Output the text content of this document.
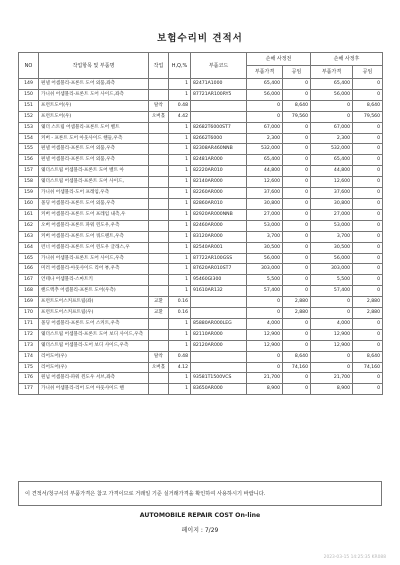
보험수리비 견적서
NO	작업항목 및 부품명	작업	H,Q,%	부품코드	손해 사정전		손해 사정후	
					부품가격	공임	부품가격	공임
149	편넬 어셈블리-프론트 도어 외품,좌측		1	82471A1000	65,400	0	65,400	0
150	가니쉬 어셈블리-프론트 도어 사이드,좌측		1	87721AR100RY5	56,000	0	56,000	0
151	프런트도어(우)	탈착	0.48		0	8,640	0	8,640
152	프런트도어(우)	오버홀	4.42		0	79,560	0	79,560
153	웨더 스트립 어셈블리-프론트 도어 벨트		1	82682T6000ST7	67,000	0	67,000	0
154	커버 - 프론트 도어 아웃사이드 핸들,우측		1	82662T6000	2,300	0	2,300	0
155	편넬 어셈블리-프론트 도어 외품,우측		1	82308AR460NNB	532,000	0	532,000	0
156	편넬 어셈블리-프론트 도어 외품,우측		1	82481AR000	65,400	0	65,400	0
157	웨더스트립 어셈블리-프론트 도어 벨트 아		1	82220AR010	44,800	0	44,800	0
158	웨더스트립 어셈블리-프론트 도어 사이드,		1	82140AR000	12,600	0	12,600	0
159	가니쉬 어셈블리-도어 프레임,우측		1	82260AR000	37,600	0	37,600	0
160	몰딩 어셈블리-프론트 도어 외품,우측		1	82860AR010	30,800	0	30,800	0
161	커버 어셈블리-프론트 도어 프레임 내측,우		1	82920AR000NNB	27,000	0	27,000	0
162	오버 어셈블리-프론트 파워 윈도우,우측		1	82460AR000	53,000	0	53,000	0
163	커버 어셈블리-프론트 도어 쿼드랜트,우측		1	83120AR000	3,700	0	3,700	0
164	런너 어셈블리-프론트 도어 윈도우 글래스,우		1	82540AR001	30,500	0	30,500	0
165	가니쉬 어셈블리-프론트 도어 사이드,우측		1	87722AR100GSS	56,000	0	56,000	0
166	미러 어셈블리-아웃사이드 리어 뷰,우측		1	87620AR010ST7	303,000	0	303,000	0
167	언테나 어셈블리-스마트키		1	95460GI300	5,500	0	5,500	0
168	핸드액추 어셈블리-프론트 도어(우측)		1	91610AR132	57,400	0	57,400	0
169	프런트도어스커프트립(좌)	교환	0.16		0	2,880	0	2,880
170	프런트도어스커프트립(우)	교환	0.16		0	2,880	0	2,880
171	몰딩 어셈블리-프론트 도어 스커트,우측		1	85880AR000LEG	4,000	0	4,000	0
172	웨더스트립 어셈블리-프론트 도어 보디 사이드,우측		1	82110AR000	12,900	0	12,900	0
173	웨더스트립 어셈블리-도어 보디 사이드,우측		1	82120AR000	12,900	0	12,900	0
174	리어도어(우)	탈착	0.48		0	8,640	0	8,640
175	리어도어(우)	오버홀	4.12		0	74,160	0	74,160
176	원넘 어셈블리-파워 윈도우 서브,좌측		1	93581T1500VCS	21,700	0	21,700	0
177	가니쉬 어셈블리-리어 도어 아웃사이드 핸		1	83650AR000	8,900	0	8,900	0
이 견적서/청구서의 부품가격은 참고 가격이므로 거래일 기준 실거래가격을 확인하여 사용하시기 바랍니다.
AUTOMOBILE REPAIR COST On-line
페이지 : 7/29
2023-03-15 14:25:35 KR088
